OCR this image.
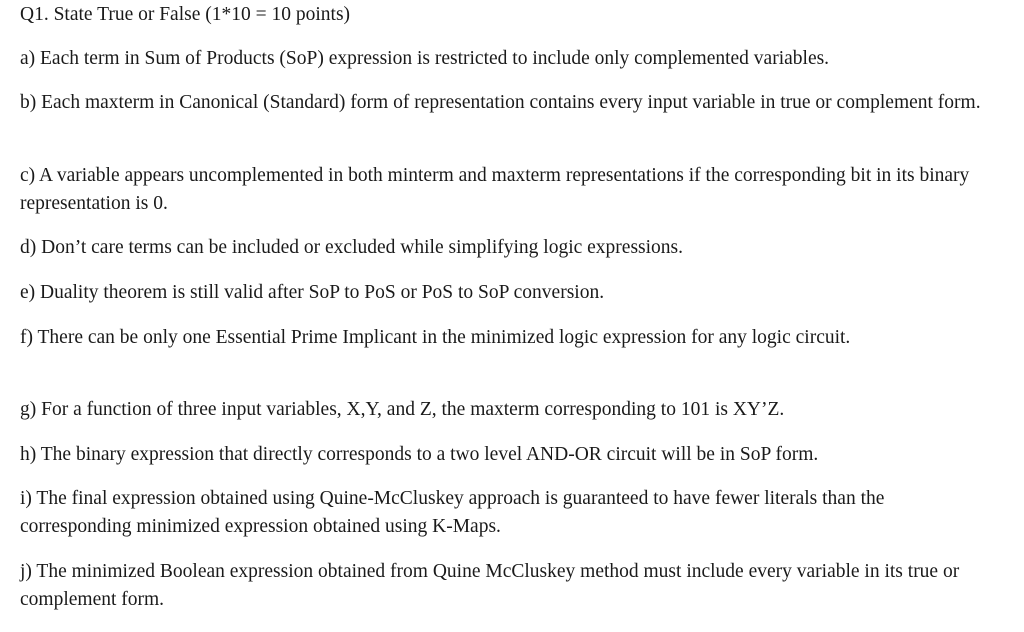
Q1. State True or False (1*10 = 10 points)
a) Each term in Sum of Products (SoP) expression is restricted to include only complemented variables.
b) Each maxterm in Canonical (Standard) form of representation contains every input variable in true or complement form.
c) A variable appears uncomplemented in both minterm and maxterm representations if the corresponding bit in its binary representation is 0.
d) Don’t care terms can be included or excluded while simplifying logic expressions.
e) Duality theorem is still valid after SoP to PoS or PoS to SoP conversion.
f) There can be only one Essential Prime Implicant in the minimized logic expression for any logic circuit.
g) For a function of three input variables, X,Y, and Z, the maxterm corresponding to 101 is XY’Z.
h) The binary expression that directly corresponds to a two level AND-OR circuit will be in SoP form.
i) The final expression obtained using Quine-McCluskey approach is guaranteed to have fewer literals than the corresponding minimized expression obtained using K-Maps.
j) The minimized Boolean expression obtained from Quine McCluskey method must include every variable in its true or complement form.
